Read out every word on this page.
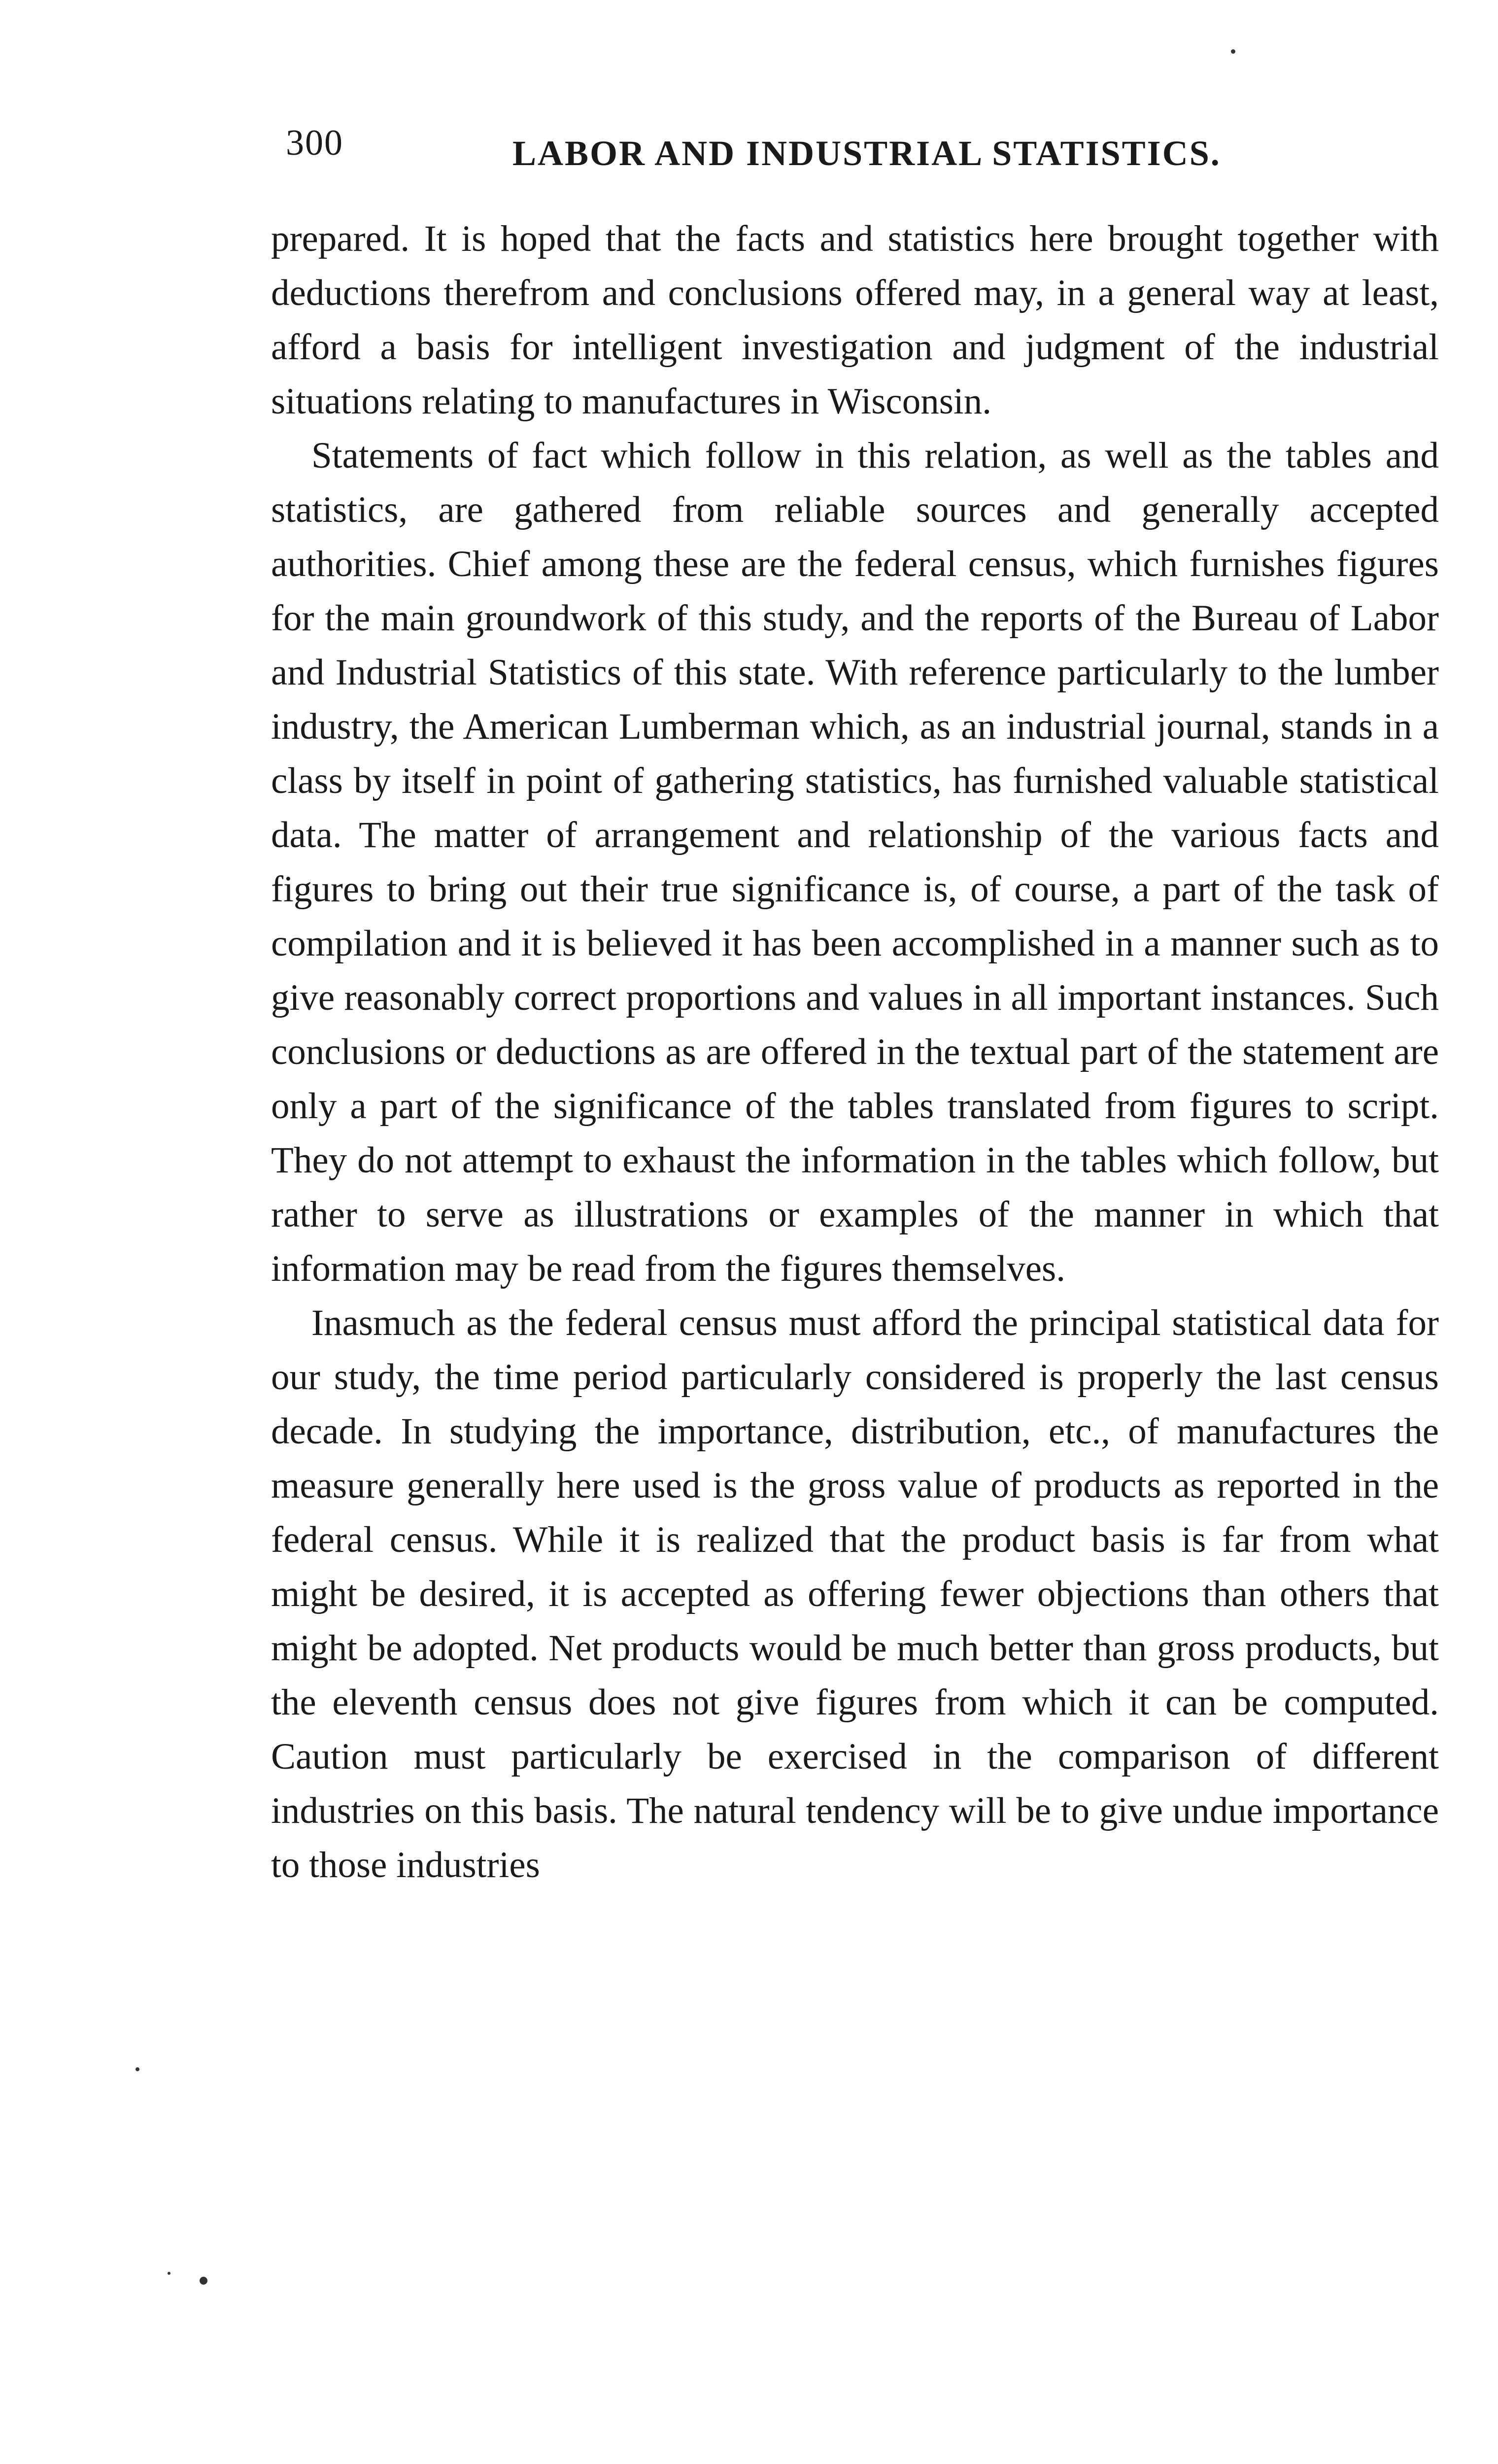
300	LABOR AND INDUSTRIAL STATISTICS.

prepared. It is hoped that the facts and statistics here brought together with deductions therefrom and conclusions offered may, in a general way at least, afford a basis for intelligent investigation and judgment of the industrial situations relating to manufactures in Wisconsin.

Statements of fact which follow in this relation, as well as the tables and statistics, are gathered from reliable sources and generally accepted authorities. Chief among these are the federal census, which furnishes figures for the main groundwork of this study, and the reports of the Bureau of Labor and Industrial Statistics of this state. With reference particularly to the lumber industry, the American Lumberman which, as an industrial journal, stands in a class by itself in point of gathering statistics, has furnished valuable statistical data. The matter of arrangement and relationship of the various facts and figures to bring out their true significance is, of course, a part of the task of compilation and it is believed it has been accomplished in a manner such as to give reasonably correct proportions and values in all important instances. Such conclusions or deductions as are offered in the textual part of the statement are only a part of the significance of the tables translated from figures to script. They do not attempt to exhaust the information in the tables which follow, but rather to serve as illustrations or examples of the manner in which that information may be read from the figures themselves.

Inasmuch as the federal census must afford the principal statistical data for our study, the time period particularly considered is properly the last census decade. In studying the importance, distribution, etc., of manufactures the measure generally here used is the gross value of products as reported in the federal census. While it is realized that the product basis is far from what might be desired, it is accepted as offering fewer objections than others that might be adopted. Net products would be much better than gross products, but the eleventh census does not give figures from which it can be computed. Caution must particularly be exercised in the comparison of different industries on this basis. The natural tendency will be to give undue importance to those industries
